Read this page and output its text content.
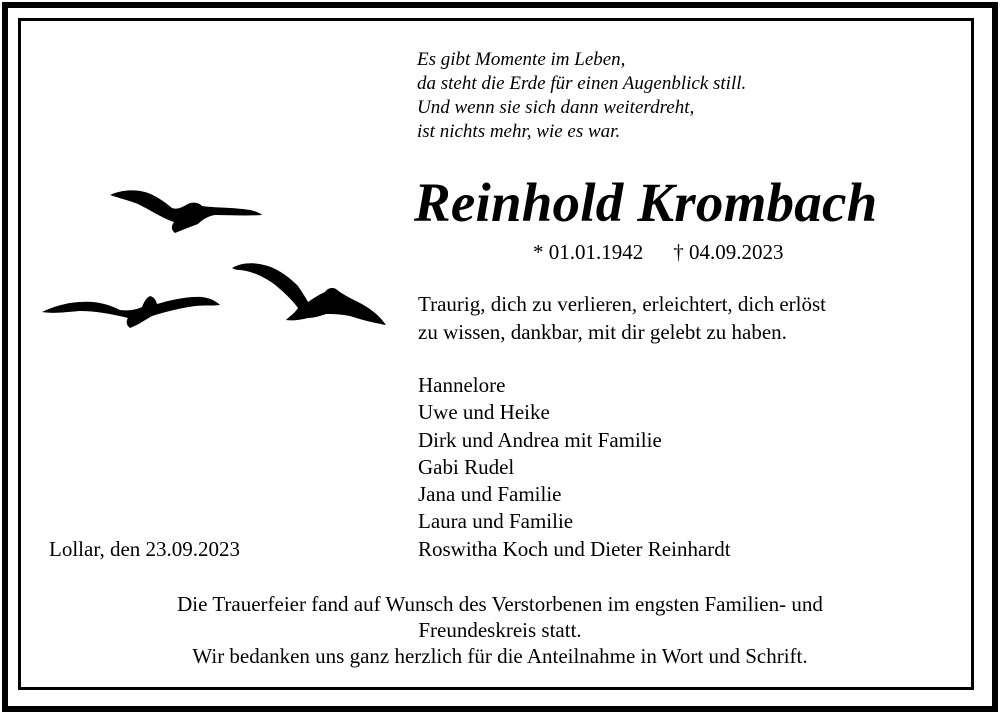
Es gibt Momente im Leben,
da steht die Erde für einen Augenblick still.
Und wenn sie sich dann weiterdreht,
ist nichts mehr, wie es war.
Reinhold Krombach
* 01.01.1942 † 04.09.2023
Traurig, dich zu verlieren, erleichtert, dich erlöst
zu wissen, dankbar, mit dir gelebt zu haben.
Hannelore
Uwe und Heike
Dirk und Andrea mit Familie
Gabi Rudel
Jana und Familie
Laura und Familie
Roswitha Koch und Dieter Reinhardt
Lollar, den 23.09.2023
Die Trauerfeier fand auf Wunsch des Verstorbenen im engsten Familien- und
Freundeskreis statt.
Wir bedanken uns ganz herzlich für die Anteilnahme in Wort und Schrift.
